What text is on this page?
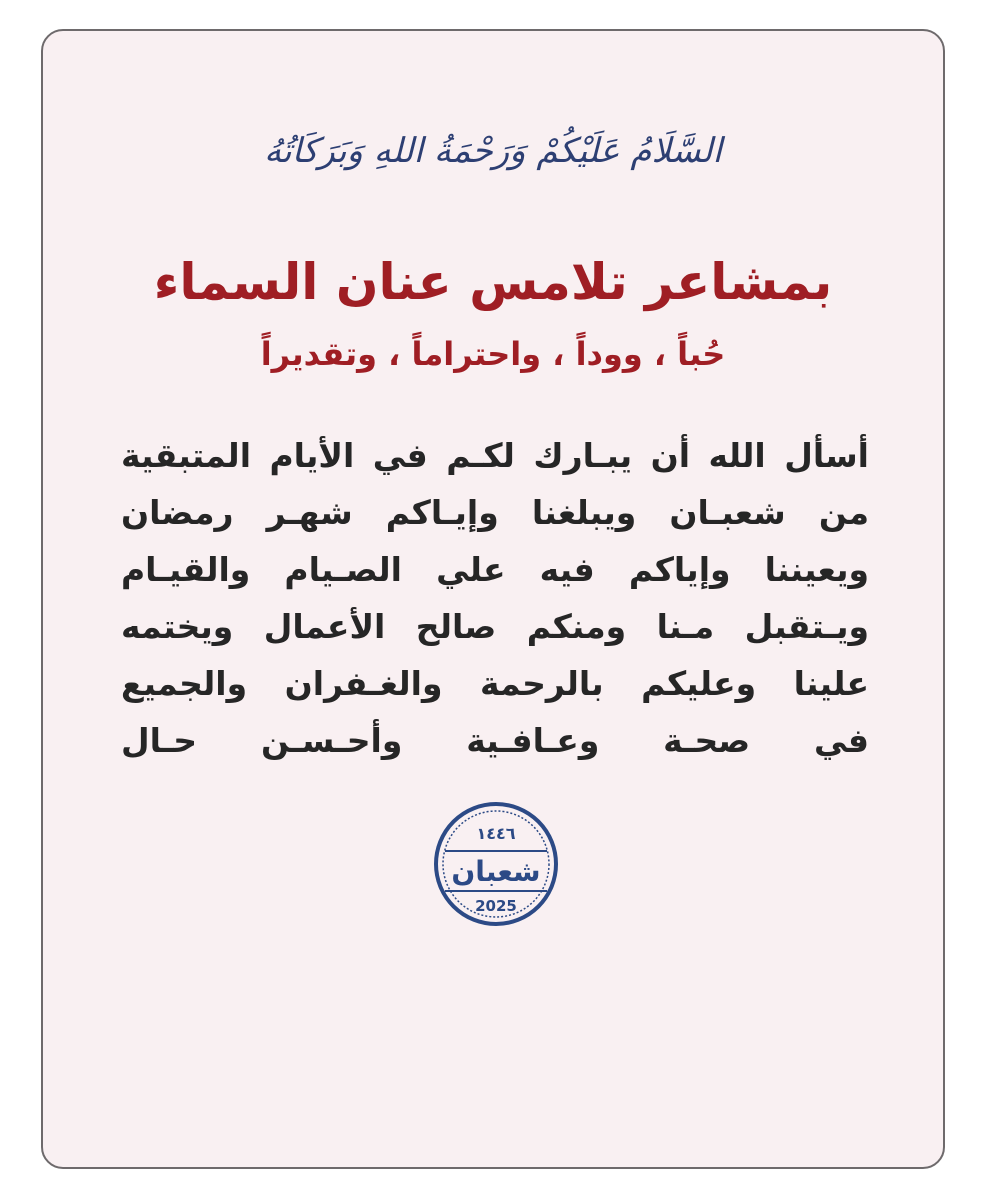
السَّلَامُ عَلَيْكُمْ وَرَحْمَةُ اللهِ وَبَرَكَاتُهُ
بمشاعر تلامس عنان السماء
حُباً ، ووداً ، واحتراماً ، وتقديراً
أسأل الله أن يبـارك لكـم في الأيام المتبقية
من شعبـان ويبلغنا وإيـاكم شهـر رمضان
ويعيننا وإياكم فيه علي الصـيام والقيـام
ويـتقبل مـنا ومنكم صالح الأعمال ويختمه
علينا وعليكم بالرحمة والغـفران والجميع
في صحـة وعـافـية وأحـسـن حـال
١٤٤٦
شعبان
2025
